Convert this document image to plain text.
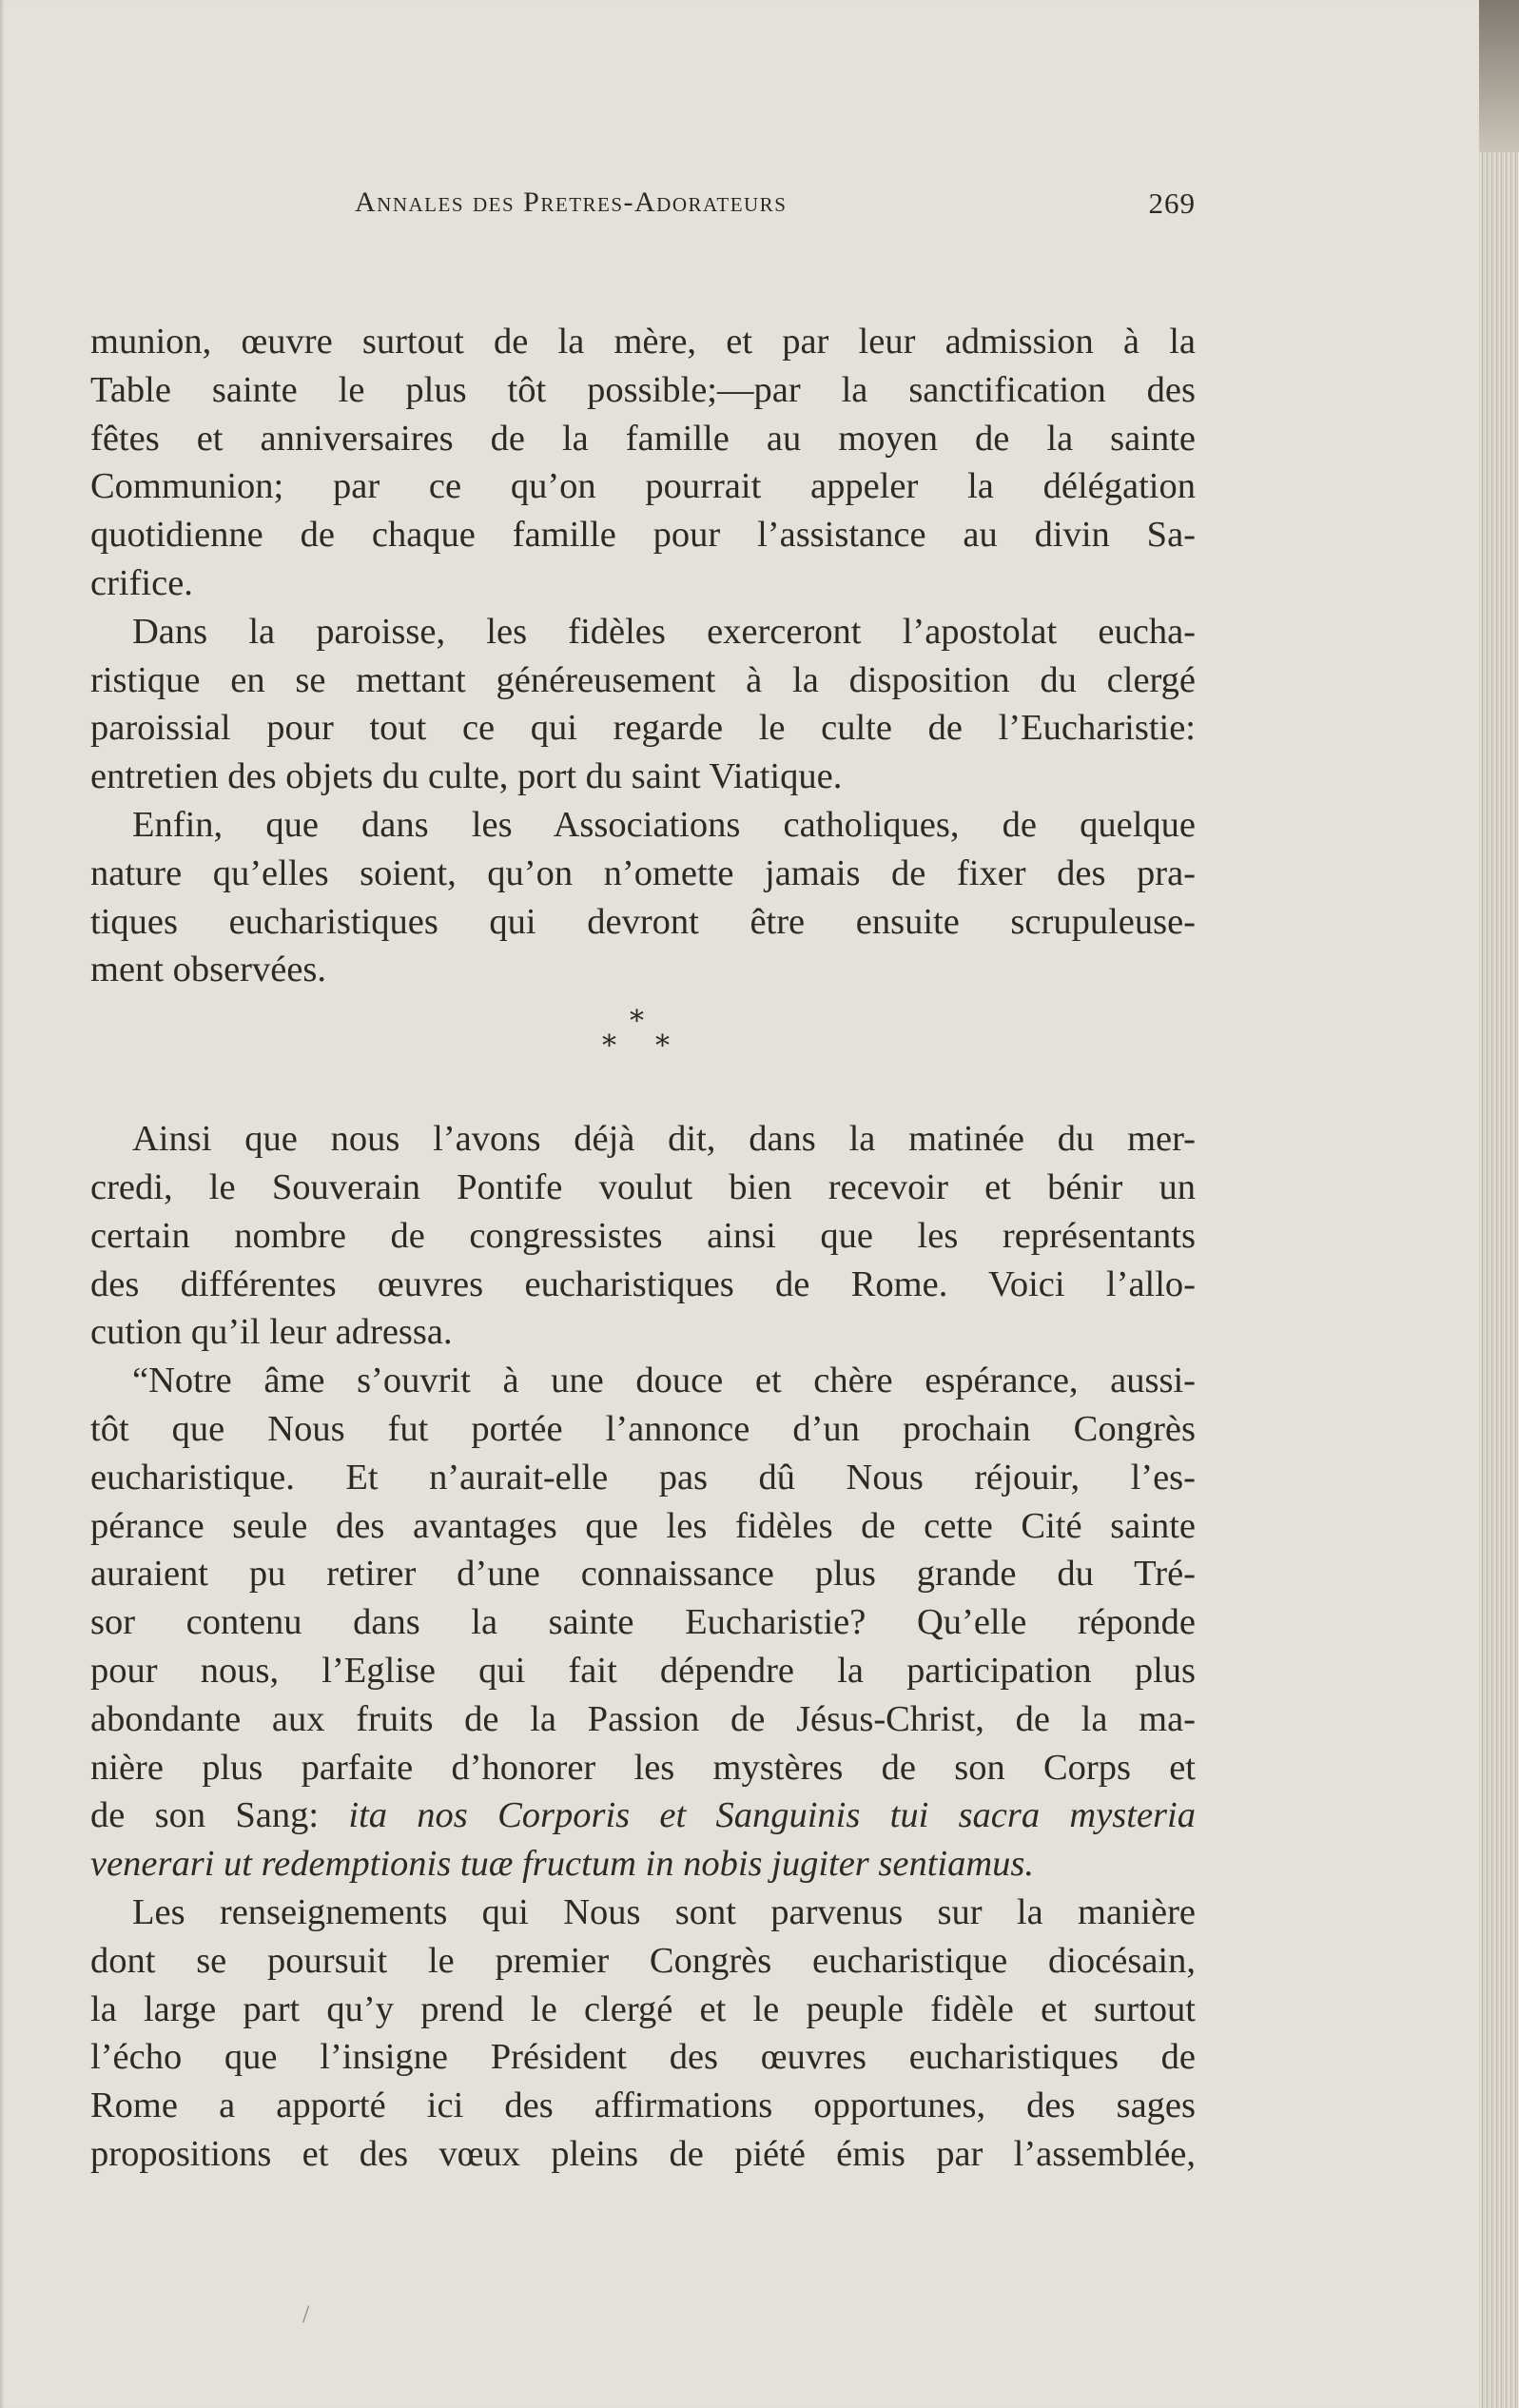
Annales des Pretres-Adorateurs	269
munion, œuvre surtout de la mère, et par leur admission à la
Table sainte le plus tôt possible;—par la sanctification des
fêtes et anniversaires de la famille au moyen de la sainte
Communion; par ce qu’on pourrait appeler la délégation
quotidienne de chaque famille pour l’assistance au divin Sa-
crifice.
Dans la paroisse, les fidèles exerceront l’apostolat eucha-
ristique en se mettant généreusement à la disposition du clergé
paroissial pour tout ce qui regarde le culte de l’Eucharistie:
entretien des objets du culte, port du saint Viatique.
Enfin, que dans les Associations catholiques, de quelque
nature qu’elles soient, qu’on n’omette jamais de fixer des pra-
tiques eucharistiques qui devront être ensuite scrupuleuse-
ment observées.
*
* *
Ainsi que nous l’avons déjà dit, dans la matinée du mer-
credi, le Souverain Pontife voulut bien recevoir et bénir un
certain nombre de congressistes ainsi que les représentants
des différentes œuvres eucharistiques de Rome. Voici l’allo-
cution qu’il leur adressa.
“Notre âme s’ouvrit à une douce et chère espérance, aussi-
tôt que Nous fut portée l’annonce d’un prochain Congrès
eucharistique. Et n’aurait-elle pas dû Nous réjouir, l’es-
pérance seule des avantages que les fidèles de cette Cité sainte
auraient pu retirer d’une connaissance plus grande du Tré-
sor contenu dans la sainte Eucharistie? Qu’elle réponde
pour nous, l’Eglise qui fait dépendre la participation plus
abondante aux fruits de la Passion de Jésus-Christ, de la ma-
nière plus parfaite d’honorer les mystères de son Corps et
de son Sang: ita nos Corporis et Sanguinis tui sacra mysteria
venerari ut redemptionis tuæ fructum in nobis jugiter sentiamus.
Les renseignements qui Nous sont parvenus sur la manière
dont se poursuit le premier Congrès eucharistique diocésain,
la large part qu’y prend le clergé et le peuple fidèle et surtout
l’écho que l’insigne Président des œuvres eucharistiques de
Rome a apporté ici des affirmations opportunes, des sages
propositions et des vœux pleins de piété émis par l’assemblée,
/
